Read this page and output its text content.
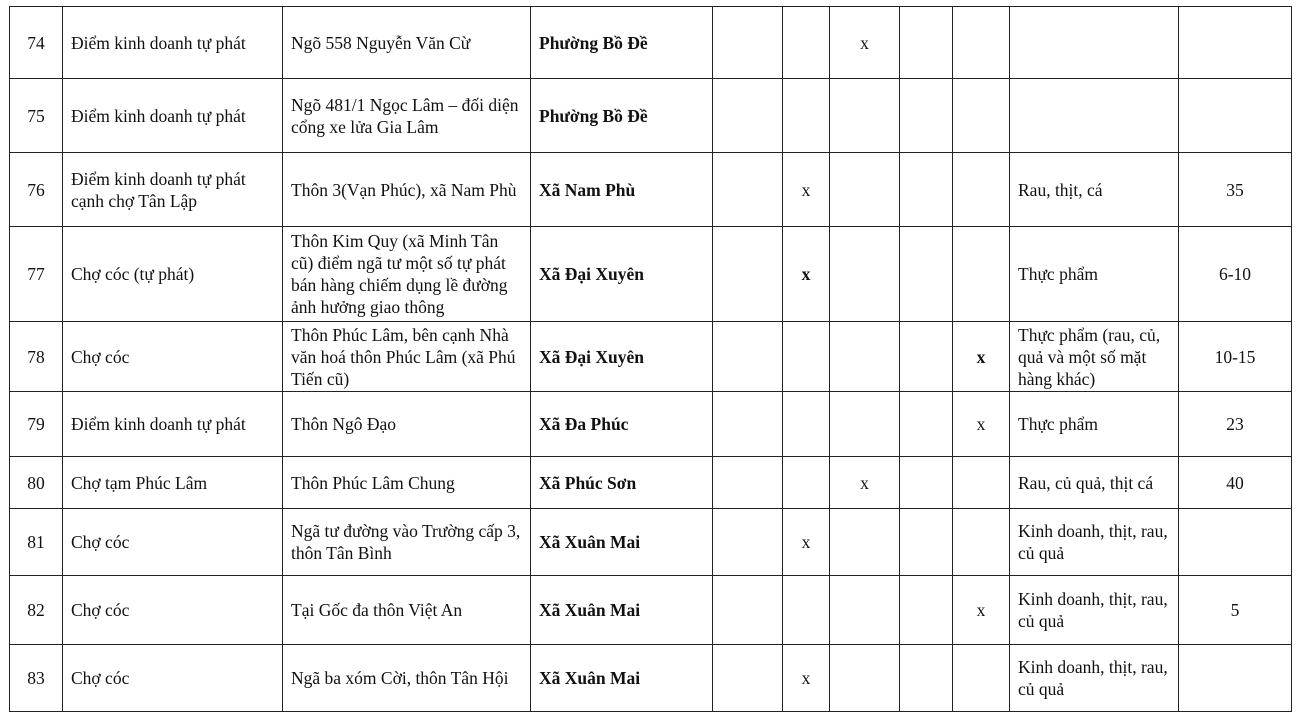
74	Điểm kinh doanh tự phát	Ngõ 558 Nguyễn Văn Cừ	Phường Bồ Đề			x				
75	Điểm kinh doanh tự phát	Ngõ 481/1 Ngọc Lâm – đối diện cổng xe lửa Gia Lâm	Phường Bồ Đề							
76	Điểm kinh doanh tự phát cạnh chợ Tân Lập	Thôn 3(Vạn Phúc), xã Nam Phù	Xã Nam Phù		x				Rau, thịt, cá	35
77	Chợ cóc (tự phát)	Thôn Kim Quy (xã Minh Tân cũ) điểm ngã tư một số tự phát bán hàng chiếm dụng lề đường ảnh hưởng giao thông	Xã Đại Xuyên		x				Thực phẩm	6-10
78	Chợ cóc	Thôn Phúc Lâm, bên cạnh Nhà văn hoá thôn Phúc Lâm (xã Phú Tiến cũ)	Xã Đại Xuyên					x	Thực phẩm (rau, củ, quả và một số mặt hàng khác)	10-15
79	Điểm kinh doanh tự phát	Thôn Ngô Đạo	Xã Đa Phúc					x	Thực phẩm	23
80	Chợ tạm Phúc Lâm	Thôn Phúc Lâm Chung	Xã Phúc Sơn			x			Rau, củ quả, thịt cá	40
81	Chợ cóc	Ngã tư đường vào Trường cấp 3, thôn Tân Bình	Xã Xuân Mai		x				Kinh doanh, thịt, rau, củ quả	
82	Chợ cóc	Tại Gốc đa thôn Việt An	Xã Xuân Mai					x	Kinh doanh, thịt, rau, củ quả	5
83	Chợ cóc	Ngã ba xóm Cời, thôn Tân Hội	Xã Xuân Mai		x				Kinh doanh, thịt, rau, củ quả	
